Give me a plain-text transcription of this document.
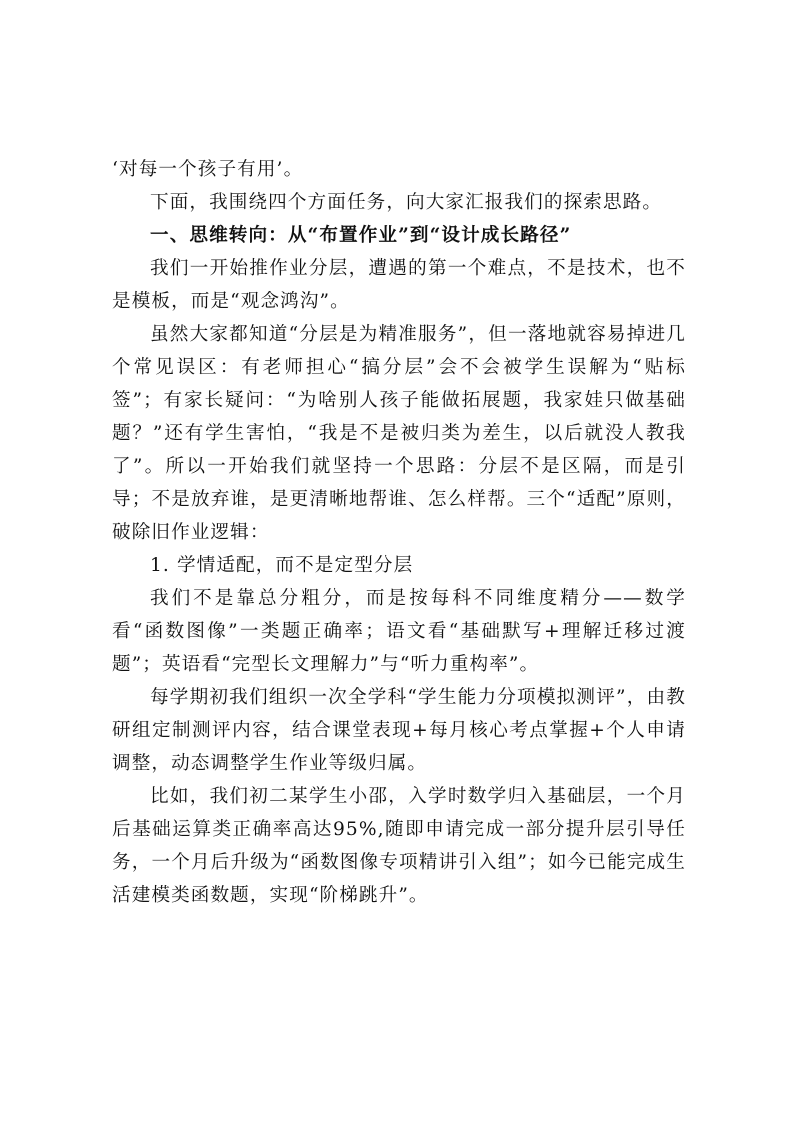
‘对每一个孩子有用’。

下面，我围绕四个方面任务，向大家汇报我们的探索思路。

一、思维转向：从“布置作业”到“设计成长路径”

我们一开始推作业分层，遭遇的第一个难点，不是技术，也不是模板，而是“观念鸿沟”。

虽然大家都知道“分层是为精准服务”，但一落地就容易掉进几个常见误区：有老师担心“搞分层”会不会被学生误解为“贴标签”；有家长疑问：“为啥别人孩子能做拓展题，我家娃只做基础题？”还有学生害怕，“我是不是被归类为差生，以后就没人教我了”。所以一开始我们就坚持一个思路：分层不是区隔，而是引导；不是放弃谁，是更清晰地帮谁、怎么样帮。三个“适配”原则，破除旧作业逻辑：

1. 学情适配，而不是定型分层

我们不是靠总分粗分，而是按每科不同维度精分——数学看“函数图像”一类题正确率；语文看“基础默写+理解迁移过渡题”；英语看“完型长文理解力”与“听力重构率”。

每学期初我们组织一次全学科“学生能力分项模拟测评”，由教研组定制测评内容，结合课堂表现+每月核心考点掌握+个人申请调整，动态调整学生作业等级归属。

比如，我们初二某学生小邵，入学时数学归入基础层，一个月后基础运算类正确率高达95%,随即申请完成一部分提升层引导任务，一个月后升级为“函数图像专项精讲引入组”；如今已能完成生活建模类函数题，实现“阶梯跳升”。
